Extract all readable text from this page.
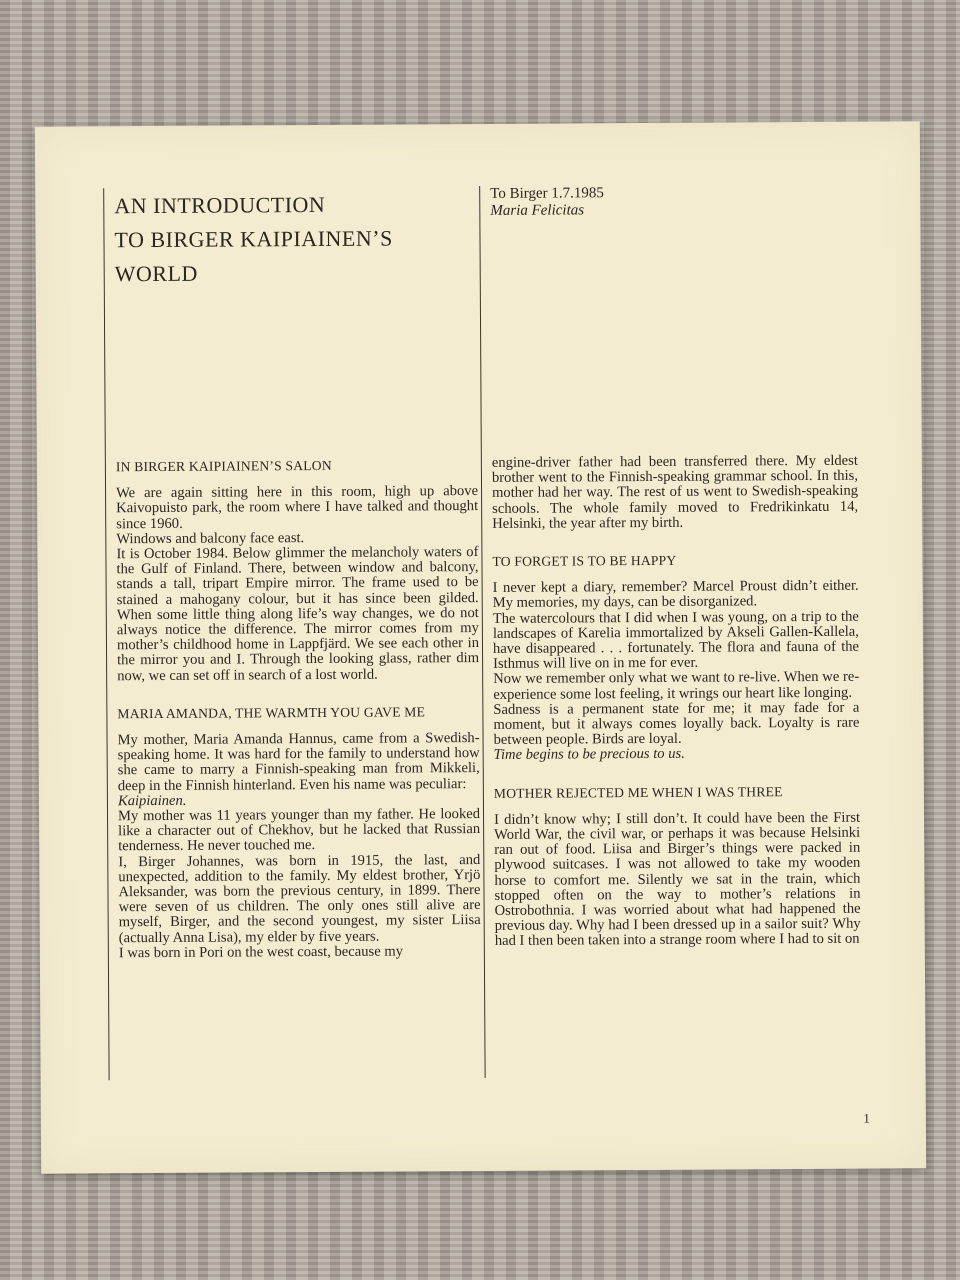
AN INTRODUCTION
TO BIRGER KAIPIAINEN’S
WORLD
IN BIRGER KAIPIAINEN’S SALON

We are again sitting here in this room, high up above Kaivopuisto park, the room where I have talked and thought since 1960.

Windows and balcony face east.

It is October 1984. Below glimmer the melancholy waters of the Gulf of Finland. There, between window and balcony, stands a tall, tripart Empire mirror. The frame used to be stained a mahogany colour, but it has since been gilded. When some little thing along life’s way changes, we do not always notice the difference. The mirror comes from my mother’s childhood home in Lappfjärd. We see each other in the mirror you and I. Through the looking glass, rather dim now, we can set off in search of a lost world.

MARIA AMANDA, THE WARMTH YOU GAVE ME

My mother, Maria Amanda Hannus, came from a Swedish-speaking home. It was hard for the family to understand how she came to marry a Finnish-speaking man from Mikkeli, deep in the Finnish hinterland. Even his name was peculiar:
Kaipiainen.

My mother was 11 years younger than my father. He looked like a character out of Chekhov, but he lacked that Russian tenderness. He never touched me.

I, Birger Johannes, was born in 1915, the last, and unexpected, addition to the family. My eldest brother, Yrjö Aleksander, was born the previous century, in 1899. There were seven of us children. The only ones still alive are myself, Birger, and the second youngest, my sister Liisa (actually Anna Lisa), my elder by five years.

I was born in Pori on the west coast, because my

To Birger 1.7.1985
Maria Felicitas

engine-driver father had been transferred there. My eldest brother went to the Finnish-speaking grammar school. In this, mother had her way. The rest of us went to Swedish-speaking schools. The whole family moved to Fredrikinkatu 14, Helsinki, the year after my birth.

TO FORGET IS TO BE HAPPY

I never kept a diary, remember? Marcel Proust didn’t either. My memories, my days, can be disorganized.

The watercolours that I did when I was young, on a trip to the landscapes of Karelia immortalized by Akseli Gallen-Kallela, have disappeared . . . fortunately. The flora and fauna of the Isthmus will live on in me for ever.

Now we remember only what we want to re-live. When we re-experience some lost feeling, it wrings our heart like longing.

Sadness is a permanent state for me; it may fade for a moment, but it always comes loyally back. Loyalty is rare between people. Birds are loyal.

Time begins to be precious to us.

MOTHER REJECTED ME WHEN I WAS THREE

I didn’t know why; I still don’t. It could have been the First World War, the civil war, or perhaps it was because Helsinki ran out of food. Liisa and Birger’s things were packed in plywood suitcases. I was not allowed to take my wooden horse to comfort me. Silently we sat in the train, which stopped often on the way to mother’s relations in Ostrobothnia. I was worried about what had happened the previous day. Why had I been dressed up in a sailor suit? Why had I then been taken into a strange room where I had to sit on

1
